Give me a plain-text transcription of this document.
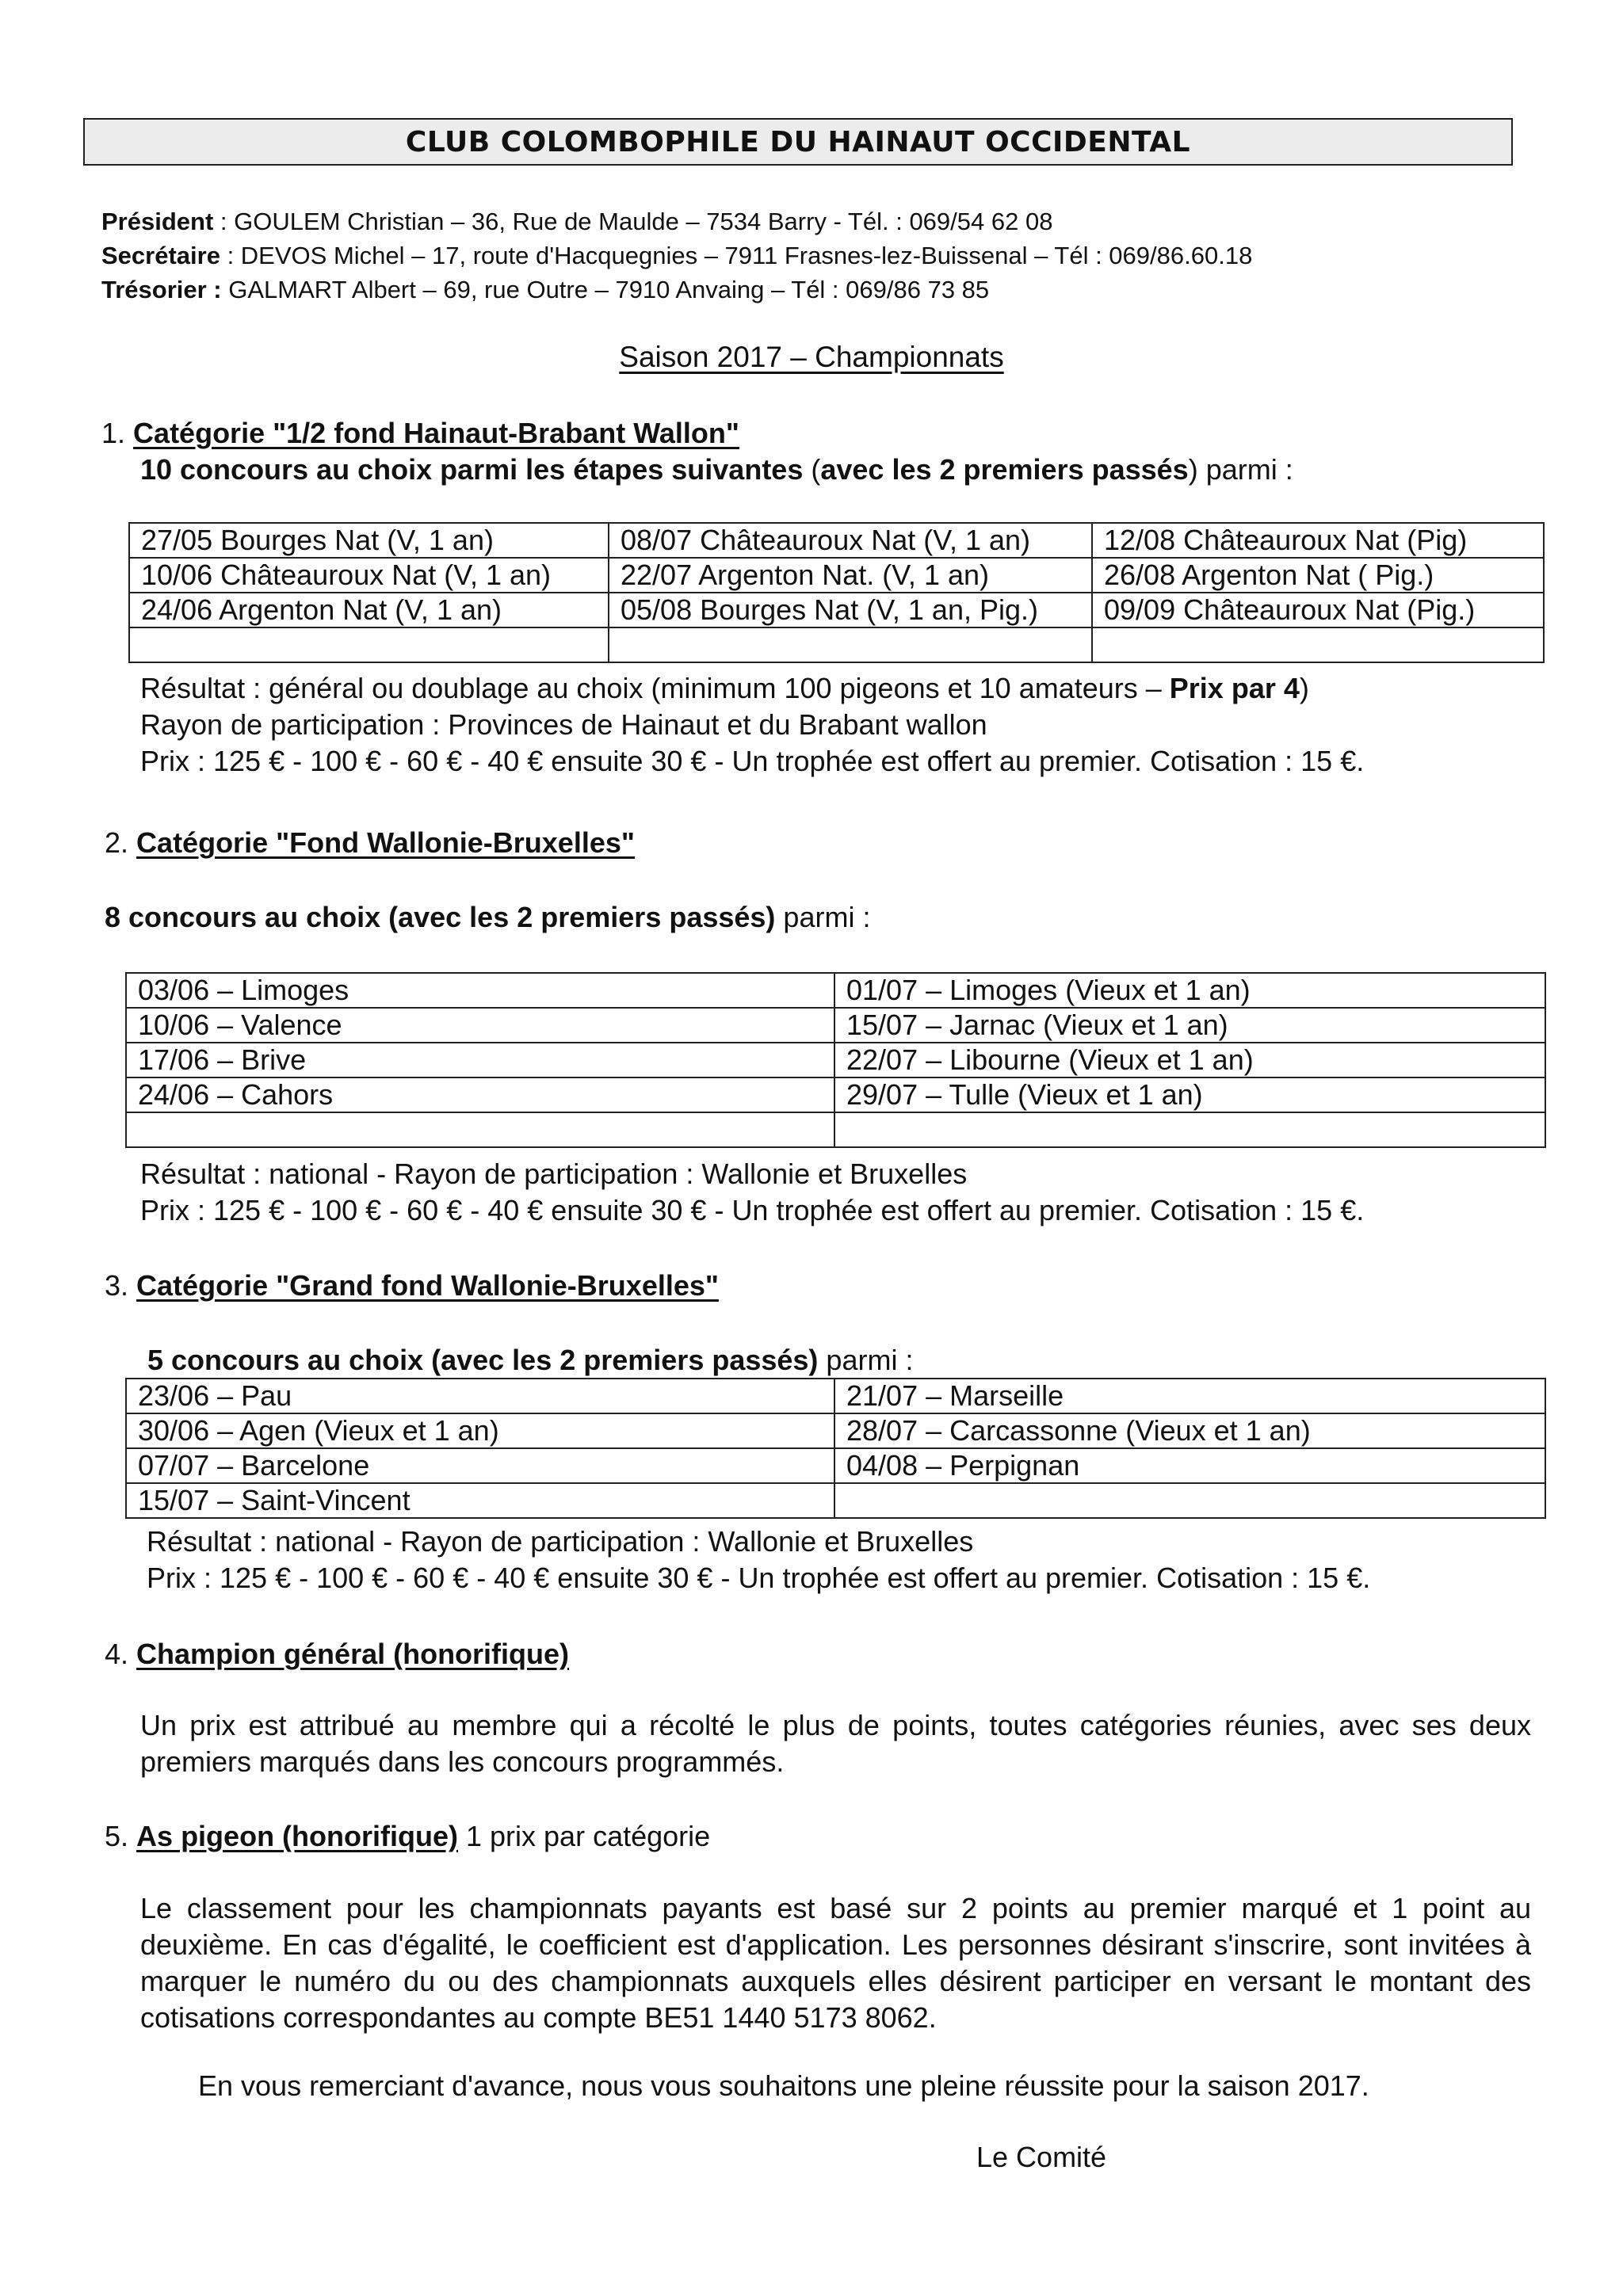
CLUB COLOMBOPHILE DU HAINAUT OCCIDENTAL
Président : GOULEM Christian – 36, Rue de Maulde – 7534 Barry - Tél. : 069/54 62 08
Secrétaire : DEVOS Michel – 17, route d'Hacquegnies – 7911 Frasnes-lez-Buissenal – Tél : 069/86.60.18
Trésorier : GALMART Albert – 69, rue Outre – 7910 Anvaing – Tél : 069/86 73 85
Saison 2017 – Championnats
1. Catégorie "1/2 fond Hainaut-Brabant Wallon"
10 concours au choix parmi les étapes suivantes (avec les 2 premiers passés) parmi :
27/05 Bourges Nat (V, 1 an)	08/07 Châteauroux Nat (V, 1 an)	12/08 Châteauroux Nat (Pig)
10/06 Châteauroux Nat (V, 1 an)	22/07 Argenton Nat. (V, 1 an)	26/08 Argenton Nat ( Pig.)
24/06 Argenton Nat (V, 1 an)	05/08 Bourges Nat (V, 1 an, Pig.)	09/09 Châteauroux Nat (Pig.)

Résultat : général ou doublage au choix (minimum 100 pigeons et 10 amateurs – Prix par 4)
Rayon de participation : Provinces de Hainaut et du Brabant wallon
Prix : 125 € - 100 € - 60 € - 40 € ensuite 30 € - Un trophée est offert au premier. Cotisation : 15 €.
2. Catégorie "Fond Wallonie-Bruxelles"
8 concours au choix (avec les 2 premiers passés) parmi :
03/06 – Limoges	01/07 – Limoges (Vieux et 1 an)
10/06 – Valence	15/07 – Jarnac (Vieux et 1 an)
17/06 – Brive	22/07 – Libourne (Vieux et 1 an)
24/06 – Cahors	29/07 – Tulle (Vieux et 1 an)

Résultat : national - Rayon de participation : Wallonie et Bruxelles
Prix : 125 € - 100 € - 60 € - 40 € ensuite 30 € - Un trophée est offert au premier. Cotisation : 15 €.
3. Catégorie "Grand fond Wallonie-Bruxelles"
5 concours au choix (avec les 2 premiers passés) parmi :
23/06 – Pau	21/07 – Marseille
30/06 – Agen (Vieux et 1 an)	28/07 – Carcassonne (Vieux et 1 an)
07/07 – Barcelone	04/08 – Perpignan
15/07 – Saint-Vincent	
Résultat : national - Rayon de participation : Wallonie et Bruxelles
Prix : 125 € - 100 € - 60 € - 40 € ensuite 30 € - Un trophée est offert au premier. Cotisation : 15 €.
4. Champion général (honorifique)
Un prix est attribué au membre qui a récolté le plus de points, toutes catégories réunies, avec ses deux premiers marqués dans les concours programmés.
5. As pigeon (honorifique) 1 prix par catégorie
Le classement pour les championnats payants est basé sur 2 points au premier marqué et 1 point au deuxième. En cas d'égalité, le coefficient est d'application. Les personnes désirant s'inscrire, sont invitées à marquer le numéro du ou des championnats auxquels elles désirent participer en versant le montant des cotisations correspondantes au compte BE51 1440 5173 8062.
En vous remerciant d'avance, nous vous souhaitons une pleine réussite pour la saison 2017.
Le Comité
